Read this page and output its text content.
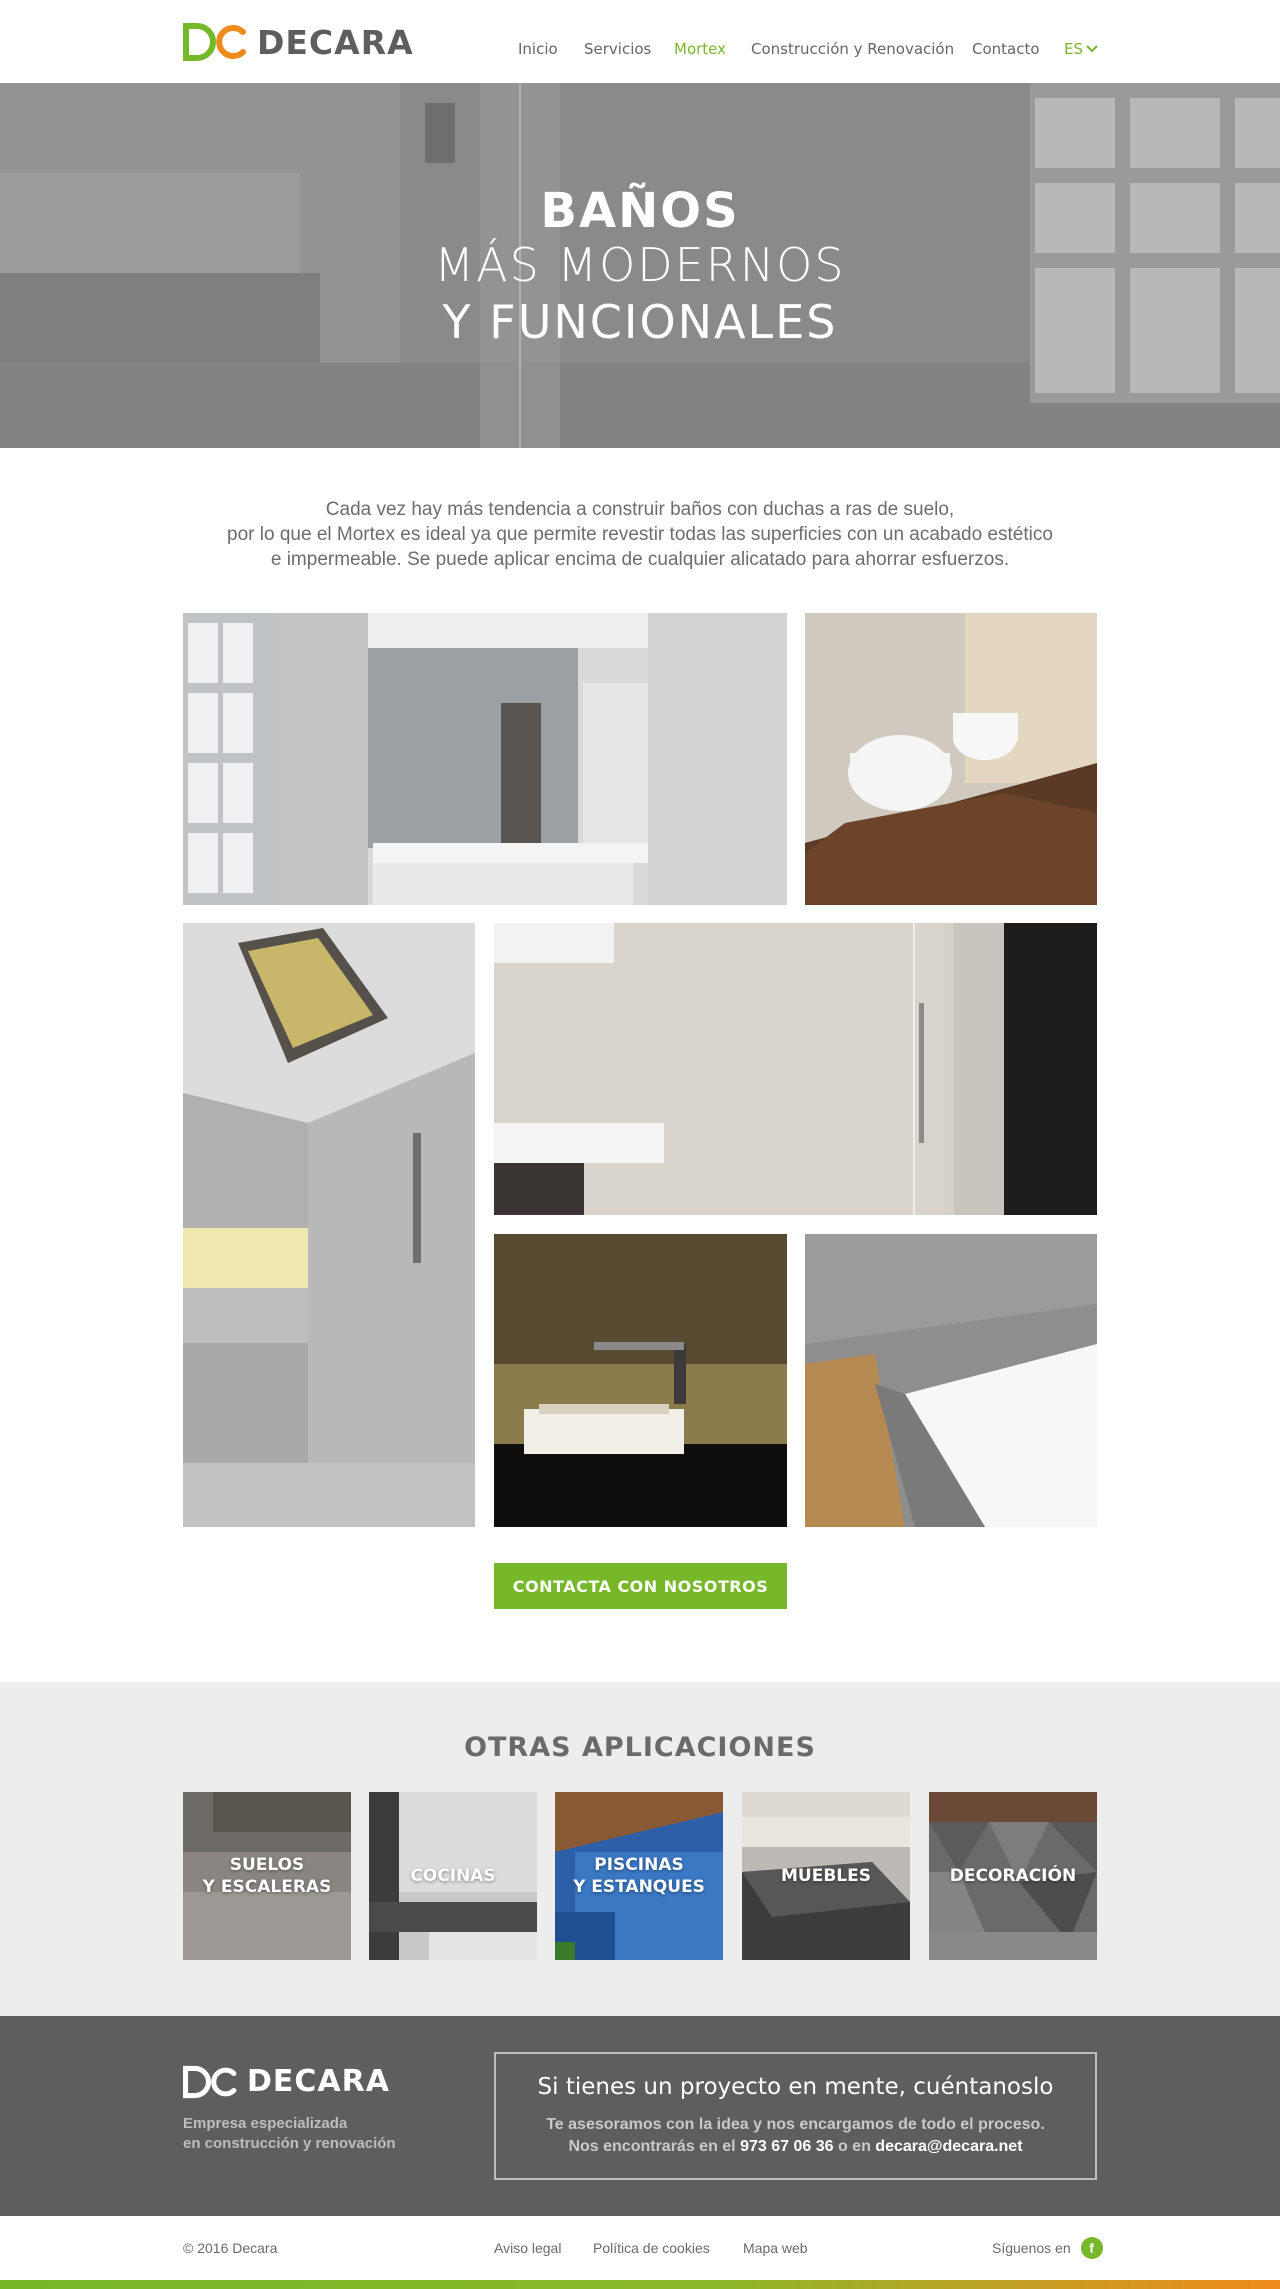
DECARA	Inicio Servicios Mortex Construcción y Renovación Contacto ES
BAÑOS
MÁS MODERNOS
Y FUNCIONALES
Cada vez hay más tendencia a construir baños con duchas a ras de suelo,
por lo que el Mortex es ideal ya que permite revestir todas las superficies con un acabado estético
e impermeable. Se puede aplicar encima de cualquier alicatado para ahorrar esfuerzos.
CONTACTA CON NOSOTROS
OTRAS APLICACIONES
SUELOS
Y ESCALERAS
COCINAS
PISCINAS
Y ESTANQUES
MUEBLES	DECORACIÓN
DECARA
Empresa especializada
en construcción y renovación
Si tienes un proyecto en mente, cuéntanoslo
Te asesoramos con la idea y nos encargamos de todo el proceso.
Nos encontrarás en el 973 67 06 36 o en decara@decara.net
© 2016 Decara	Aviso legal Política de cookies Mapa web	Síguenos en	f
